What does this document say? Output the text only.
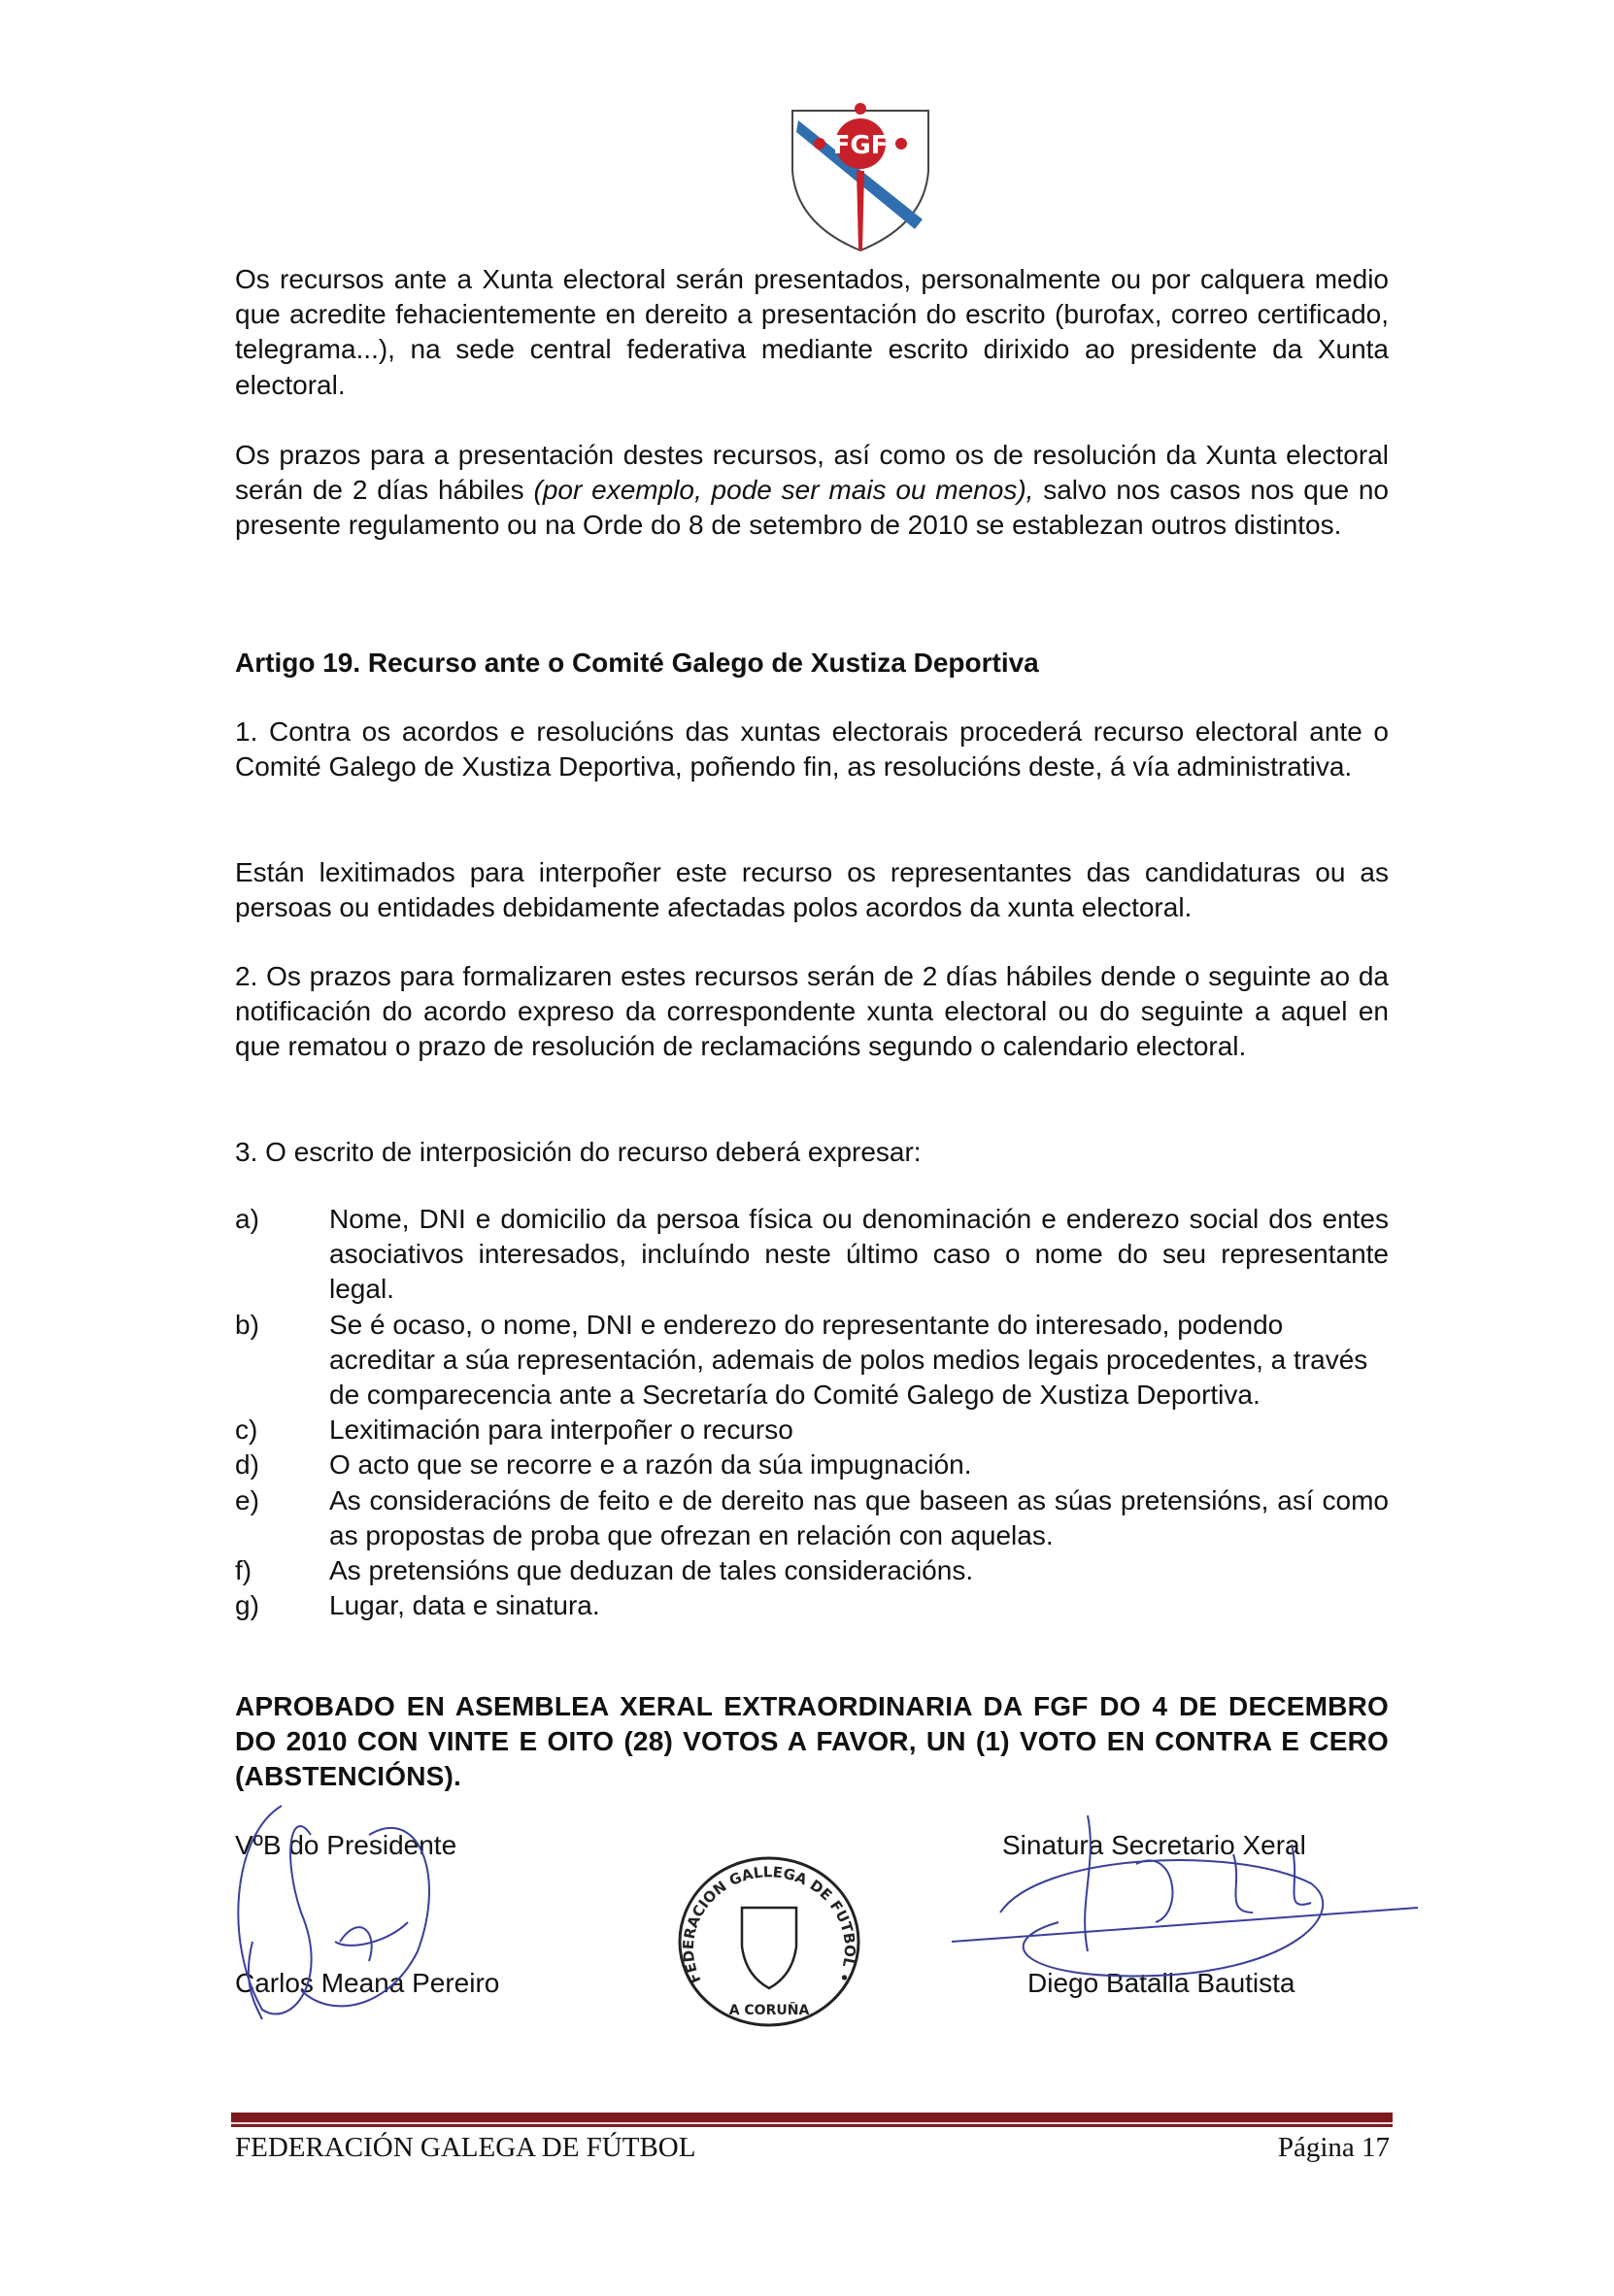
FGF

Os recursos ante a Xunta electoral serán presentados, personalmente ou por calquera medio que acredite fehacientemente en dereito a presentación do escrito (burofax, correo certificado, telegrama...), na sede central federativa mediante escrito dirixido ao presidente da Xunta electoral.

Os prazos para a presentación destes recursos, así como os de resolución da Xunta electoral serán de 2 días hábiles (por exemplo, pode ser mais ou menos), salvo nos casos nos que no presente regulamento ou na Orde do 8 de setembro de 2010 se establezan outros distintos.

Artigo 19. Recurso ante o Comité Galego de Xustiza Deportiva

1. Contra os acordos e resolucións das xuntas electorais procederá recurso electoral ante o Comité Galego de Xustiza Deportiva, poñendo fin, as resolucións deste, á vía administrativa.

Están lexitimados para interpoñer este recurso os representantes das candidaturas ou as persoas ou entidades debidamente afectadas polos acordos da xunta electoral.

2. Os prazos para formalizaren estes recursos serán de 2 días hábiles dende o seguinte ao da notificación do acordo expreso da correspondente xunta electoral ou do seguinte a aquel en que rematou o prazo de resolución de reclamacións segundo o calendario electoral.

3. O escrito de interposición do recurso deberá expresar:

a)	Nome, DNI e domicilio da persoa física ou denominación e enderezo social dos entes asociativos interesados, incluíndo neste último caso o nome do seu representante legal.
b)	Se é ocaso, o nome, DNI e enderezo do representante do interesado, podendo acreditar a súa representación, ademais de polos medios legais procedentes, a través de comparecencia ante a Secretaría do Comité Galego de Xustiza Deportiva.
c)	Lexitimación para interpoñer o recurso
d)	O acto que se recorre e a razón da súa impugnación.
e)	As consideracións de feito e de dereito nas que baseen as súas pretensións, así como as propostas de proba que ofrezan en relación con aquelas.
f)	As pretensións que deduzan de tales consideracións.
g)	Lugar, data e sinatura.
APROBADO EN ASEMBLEA XERAL EXTRAORDINARIA DA FGF DO 4 DE DECEMBRO DO 2010 CON VINTE E OITO (28) VOTOS A FAVOR, UN (1) VOTO EN CONTRA E CERO (ABSTENCIÓNS).
VºB do Presidente
Carlos Meana Pereiro
Sinatura Secretario Xeral
Diego Batalla Bautista
FEDERACION GALLEGA DE FUTBOL •
A CORUÑA
FEDERACIÓN GALEGA DE FÚTBOL	Página 17
